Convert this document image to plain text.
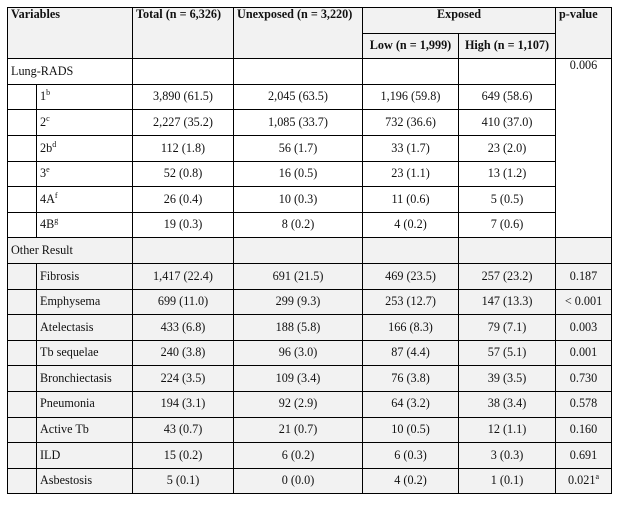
Variables		Total (n = 6,326)	Unexposed (n = 3,220)	Exposed		p-value
				Low (n = 1,999)	High (n = 1,107)	
Lung-RADS						0.006
	1$^b$	3,890 (61.5)	2,045 (63.5)	1,196 (59.8)	649 (58.6)	
	2$^c$	2,227 (35.2)	1,085 (33.7)	732 (36.6)	410 (37.0)	
	$2b^d$	112 (1.8)	56 (1.7)	33 (1.7)	23 (2.0)	
	3e	52 (0.8)	16 (0.5)	23 (1.1)	13 (1.2)	
	$4A^f$	26 (0.4)	10 (0.3)	11 (0.6)	5 (0.5)	
	$4B^g$	19 (0.3)	8 (0.2)	4 (0.2)	7 (0.6)	
Other Result						
	Fibrosis	1,417 (22.4)	691 (21.5)	469 (23.5)	257 (23.2)	0.187
	Emphysema	699 (11.0)	299 (9.3)	253 (12.7)	147 (13.3)	< 0.001
	Atelectasis	433 (6.8)	188 (5.8)	166 (8.3)	79 (7.1)	0.003
	Tb sequelae	240 (3.8)	96 (3.0)	87 (4.4)	57 (5.1)	0.001
	Bronchiectasis	224 (3.5)	109 (3.4)	76 (3.8)	39 (3.5)	0.730
	Pneumonia	194 (3.1)	92 (2.9)	64 (3.2)	38 (3.4)	0.578
	Active Tb	43 (0.7)	21 (0.7)	10 (0.5)	12 (1.1)	0.160
	ILD	15 (0.2)	6 (0.2)	6 (0.3)	3 (0.3)	0.691
	Asbestosis	5 (0.1)	0 (0.0)	4 (0.2)	1 (0.1)	0.021$^a$
